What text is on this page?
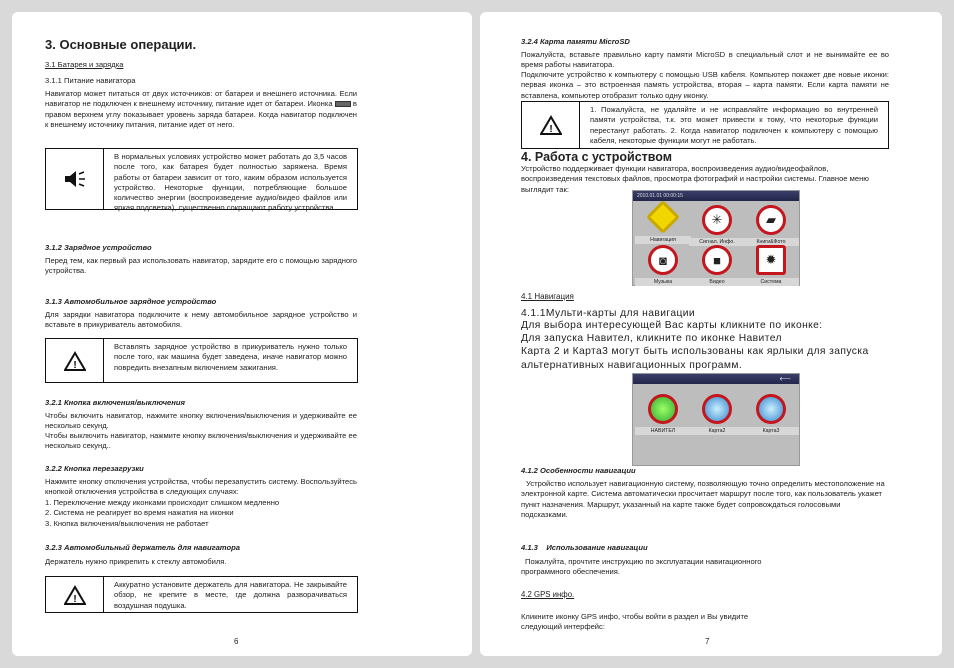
3. Основные операции.
3.1 Батарея и зарядка
3.1.1 Питание навигатора
Навигатор может питаться от двух источников: от батареи и внешнего источника. Если навигатор не подключен к внешнему источнику, питание идет от батареи. Иконка	в правом верхнем углу показывает уровень заряда батареи. Когда навигатор подключен к внешнему источнику питания, питание идет от него.
В нормальных условиях устройство может работать до 3,5 часов после того, как батарея будет полностью заряжена. Время работы от батареи зависит от того, каким образом используется устройство. Некоторые функции, потребляющие большое количество энергии (воспроизведение аудио/видео файлов или яркая подсветка), существенно сокращают работу устройства.
3.1.2 Зарядное устройство
Перед тем, как первый раз использовать навигатор, зарядите его с помощью зарядного устройства.
3.1.3 Автомобильное зарядное устройство
Для зарядки навигатора подключите к нему автомобильное зарядное устройство и вставьте в прикуриватель автомобиля.
!
Вставлять зарядное устройство в прикуриватель нужно только после того, как машина будет заведена, иначе навигатор можно повредить внезапным включением зажигания.
3.2.1 Кнопка включения/выключения
Чтобы включить навигатор, нажмите кнопку включения/выключения и удерживайте ее несколько секунд.
Чтобы выключить навигатор, нажмите кнопку включения/выключения и удерживайте ее несколько секунд..
3.2.2 Кнопка перезагрузки
Нажмите кнопку отключения устройства, чтобы перезапустить систему. Воспользуйтесь кнопкой отключения устройства в следующих случаях:
1. Переключение между иконками происходит слишком медленно
2. Система не реагирует во время нажатия на иконки
3. Кнопка включения/выключения не работает
3.2.3 Автомобильный держатель для навигатора
Держатель нужно прикрепить к стеклу автомобиля.
!
Аккуратно установите держатель для навигатора. Не закрывайте обзор, не крепите в месте, где должна разворачиваться воздушная подушка.
6
3.2.4 Карта памяти MicroSD
Пожалуйста, вставьте правильно карту памяти MicroSD в специальный слот и не вынимайте ее во время работы навигатора.
Подключите устройство к компьютеру с помощью USB кабеля. Компьютер покажет две новые иконки: первая иконка – это встроенная память устройства, вторая – карта памяти. Если карта памяти не вставлена, компьютер отобразит только одну иконку.
!
1. Пожалуйста, не удаляйте и не исправляйте информацию во внутренней памяти устройства, т.к. это может привести к тому, что некоторые функции перестанут работать. 2. Когда навигатор подключен к компьютеру с помощью кабеля, некоторые функции могут не работать.
4. Работа с устройством
Устройство поддерживает функции навигатора, воспроизведения аудио/видеофайлов, воспроизведения текстовых файлов, просмотра фотографий и настройки системы. Главное меню выглядит так:
2010.01.01 00:00:15
Навигация
✳
Сигнал. Инфо.
▰
Книги&Фото
◙
Музыка
■
Видео
✹
Система
4.1 Навигация
4.1.1Мульти-карты для навигации
Для выбора интересующей Вас карты кликните по иконке:
Для запуска Навител, кликните по иконке Навител
Карта 2 и Карта3 могут быть использованы как ярлыки для запуска альтернативных навигационных программ.
⟵
НАВИТЕЛ	Карта2	Карта3
4.1.2 Особенности навигации
Устройство использует навигационную систему, позволяющую точно определить местоположение на электронной карте. Система автоматически просчитает маршрут после того, как пользователь укажет пункт назначения. Маршрут, указанный на карте также будет сопровождаться голосовыми подсказками.
4.1.3    Использование навигации
Пожалуйта, прочтите инструкцию по эксплуатации навигационного программного обеспечения.
4.2 GPS инфо.
Кликните иконку GPS инфо, чтобы войти в раздел и Вы увидите следующий интерфейс:
7
